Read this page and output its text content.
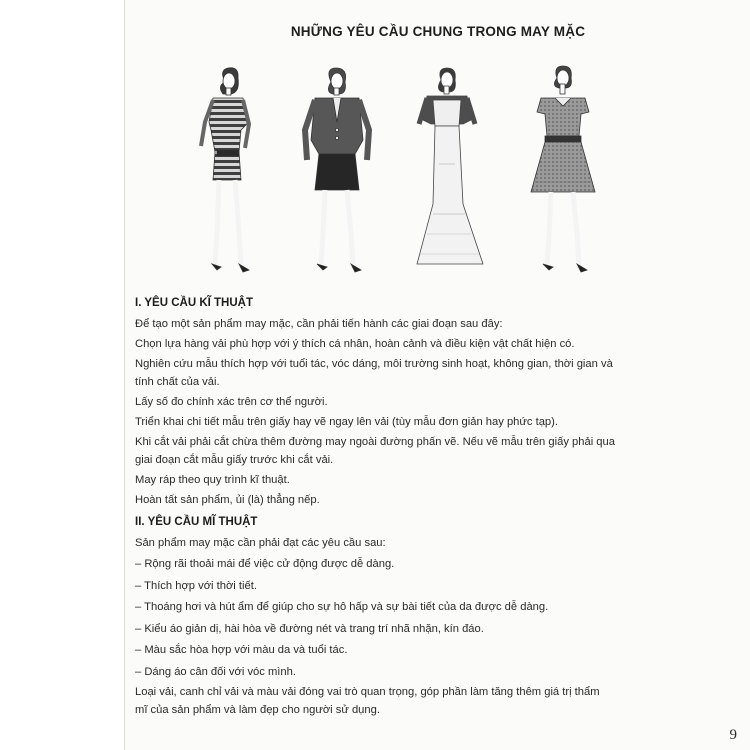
NHỮNG YÊU CẦU CHUNG TRONG MAY MẶC
I. YÊU CẦU KĨ THUẬT

Để tạo một sản phẩm may mặc, cần phải tiến hành các giai đoạn sau đây:

Chọn lựa hàng vải phù hợp với ý thích cá nhân, hoàn cảnh và điều kiện vật chất hiện có.

Nghiên cứu mẫu thích hợp với tuổi tác, vóc dáng, môi trường sinh hoạt, không gian, thời gian và tính chất của vải.

Lấy số đo chính xác trên cơ thể người.

Triển khai chi tiết mẫu trên giấy hay vẽ ngay lên vải (tùy mẫu đơn giản hay phức tạp).

Khi cắt vải phải cắt chừa thêm đường may ngoài đường phấn vẽ. Nếu vẽ mẫu trên giấy phải qua giai đoạn cắt mẫu giấy trước khi cắt vải.

May ráp theo quy trình kĩ thuật.

Hoàn tất sản phẩm, ủi (là) thẳng nếp.

II. YÊU CẦU MĨ THUẬT

Sản phẩm may mặc cần phải đạt các yêu cầu sau:

– Rộng rãi thoải mái để việc cử động được dễ dàng.
– Thích hợp với thời tiết.
– Thoáng hơi và hút ẩm để giúp cho sự hô hấp và sự bài tiết của da được dễ dàng.
– Kiểu áo giản dị, hài hòa về đường nét và trang trí nhã nhặn, kín đáo.
– Màu sắc hòa hợp với màu da và tuổi tác.
– Dáng áo cân đối với vóc mình.

Loại vải, canh chỉ vải và màu vải đóng vai trò quan trọng, góp phần làm tăng thêm giá trị thẩm mĩ của sản phẩm và làm đẹp cho người sử dụng.

9
